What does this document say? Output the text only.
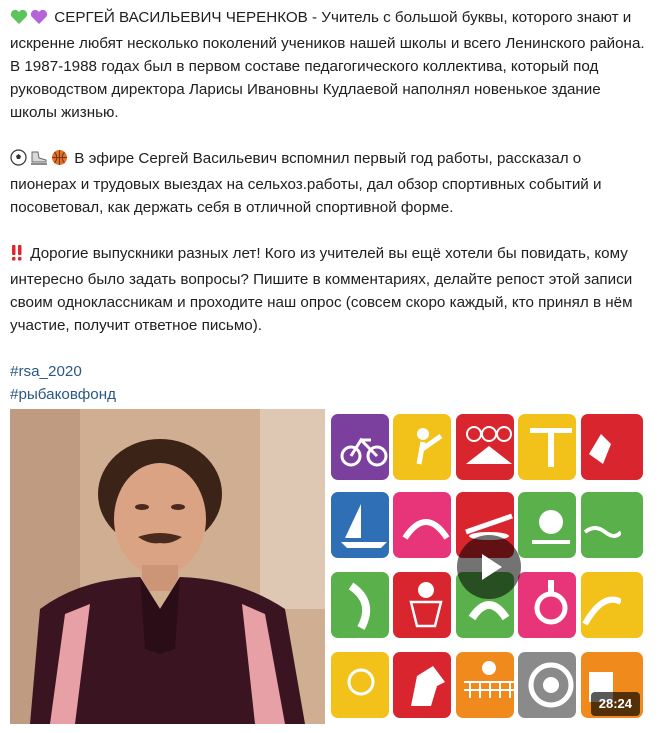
СЕРГЕЙ ВАСИЛЬЕВИЧ ЧЕРЕНКОВ - Учитель с большой буквы, которого знают и искренне любят несколько поколений учеников нашей школы и всего Ленинского района. В 1987-1988 годах был в первом составе педагогического коллектива, который под руководством директора Ларисы Ивановны Кудлаевой наполнял новенькое здание школы жизнью.

В эфире Сергей Васильевич вспомнил первый год работы, рассказал о пионерах и трудовых выездах на сельхоз.работы, дал обзор спортивных событий и посоветовал, как держать себя в отличной спортивной форме.

Дорогие выпускники разных лет! Кого из учителей вы ещё хотели бы повидать, кому интересно было задать вопросы? Пишите в комментариях, делайте репост этой записи своим одноклассникам и проходите наш опрос (совсем скоро каждый, кто принял в нём участие, получит ответное письмо).

#rsa_2020
#рыбаковфонд

28:24
